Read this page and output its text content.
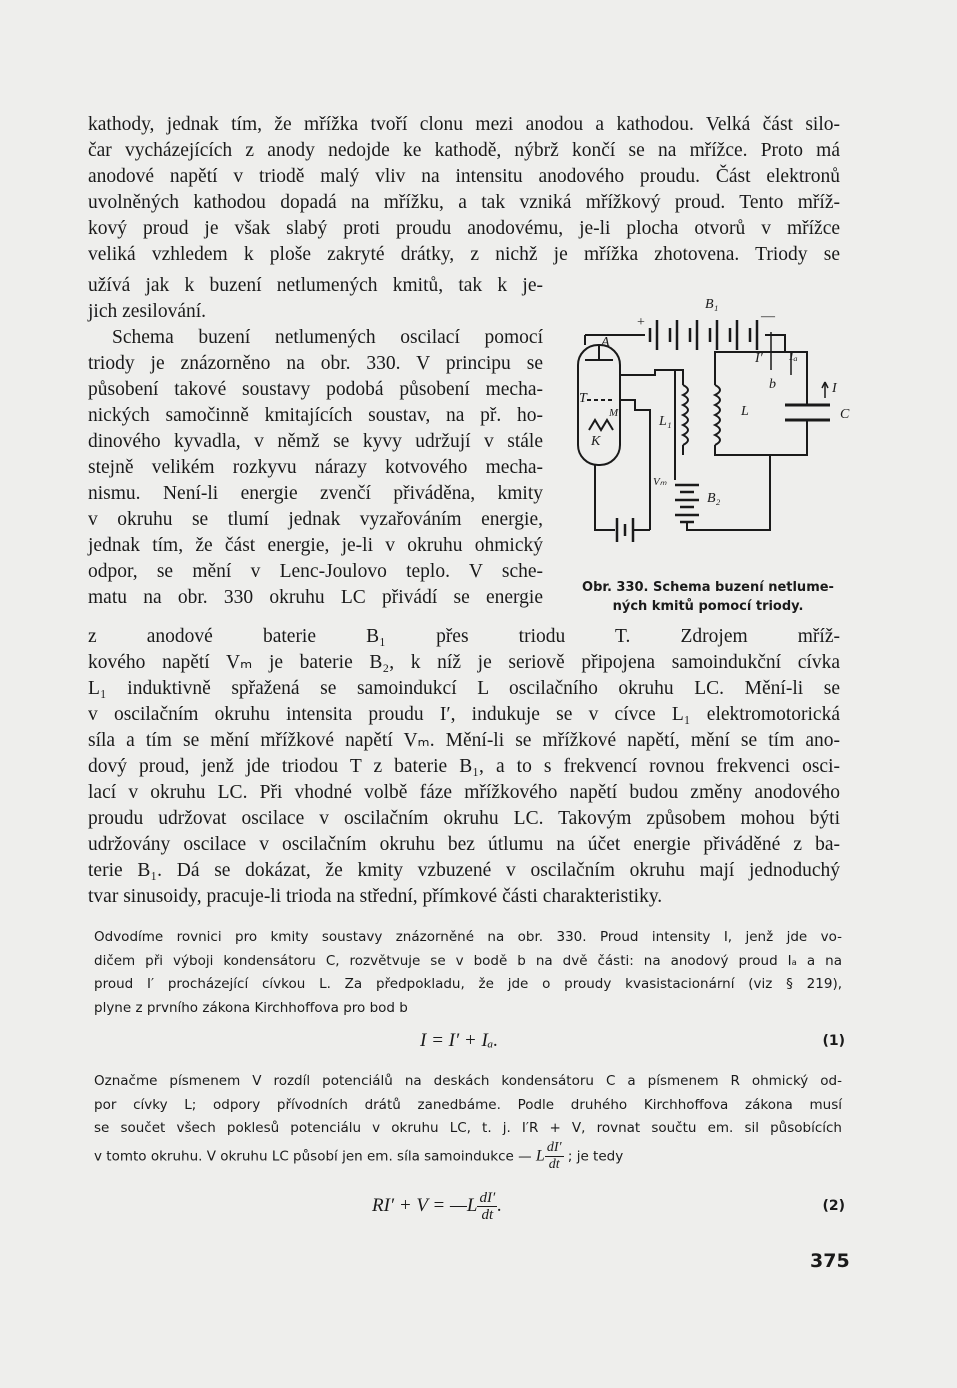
kathody, jednak tím, že mřížka tvoří clonu mezi anodou a kathodou. Velká část silo-
čar vycházejících z anody nedojde ke kathodě, nýbrž končí se na mřížce. Proto má
anodové napětí v triodě malý vliv na intensitu anodového proudu. Část elektronů
uvolněných kathodou dopadá na mřížku, a tak vzniká mřížkový proud. Tento mříž-
kový proud je však slabý proti proudu anodovému, je-li plocha otvorů v mřížce
veliká vzhledem k ploše zakryté drátky, z nichž je mřížka zhotovena. Triody se
užívá jak k buzení netlumených kmitů, tak k je-
jich zesilování.
Schema buzení netlumených oscilací pomocí
triody je znázorněno na obr. 330. V principu se
působení takové soustavy podobá působení mecha-
nických samočinně kmitajících soustav, na př. ho-
dinového kyvadla, v němž se kyvy udržují v stále
stejně velikém rozkyvu nárazy kotvového mecha-
nismu. Není-li energie zvenčí přiváděna, kmity
v okruhu se tlumí jednak vyzařováním energie,
jednak tím, že část energie, je-li v okruhu ohmický
odpor, se mění v Lenc-Joulovo teplo. V sche-
matu na obr. 330 okruhu LC přivádí se energie
z anodové baterie B₁ přes triodu T. Zdrojem mříž-
kového napětí Vₘ je baterie B₂, k níž je seriově připojena samoindukční cívka
L₁ induktivně spřažená se samoindukcí L oscilačního okruhu LC. Mění-li se
v oscilačním okruhu intensita proudu I′, indukuje se v cívce L₁ elektromotorická
síla a tím se mění mřížkové napětí Vₘ. Mění-li se mřížkové napětí, mění se tím ano-
dový proud, jenž jde triodou T z baterie B₁, a to s frekvencí rovnou frekvenci osci-
lací v okruhu LC. Při vhodné volbě fáze mřížkového napětí budou změny anodového
proudu udržovat oscilace v oscilačním okruhu LC. Takovým způsobem mohou býti
udržovány oscilace v oscilačním okruhu bez útlumu na účet energie přiváděné z ba-
terie B₁. Dá se dokázat, že kmity vzbuzené v oscilačním okruhu mají jednoduchý
tvar sinusoidy, pracuje-li trioda na střední, přímkové části charakteristiky.
B₁
A
I′ Iₐ
b	I
T
M
L₁
L	C
K
Vₘ
B₂
+	—
Obr. 330. Schema buzení netlume-
ných kmitů pomocí triody.
Odvodíme rovnici pro kmity soustavy znázorněné na obr. 330. Proud intensity I, jenž jde vo-
dičem při výboji kondensátoru C, rozvětvuje se v bodě b na dvě části: na anodový proud Iₐ a na
proud I′ procházející cívkou L. Za předpokladu, že jde o proudy kvasistacionární (viz § 219),
plyne z prvního zákona Kirchhoffova pro bod b
I = I′ + Iₐ.	(1)
Označme písmenem V rozdíl potenciálů na deskách kondensátoru C a písmenem R ohmický od-
por cívky L; odpory přívodních drátů zanedbáme. Podle druhého Kirchhoffova zákona musí
se součet všech poklesů potenciálu v okruhu LC, t. j. I′R + V, rovnat součtu em. sil působících
v tomto okruhu. V okruhu LC působí jen em. síla samoindukce — L $\frac{dI'}{dt}$ ; je tedy
RI′ + V = —L $\frac{dI'}{dt}$ .	(2)
375
